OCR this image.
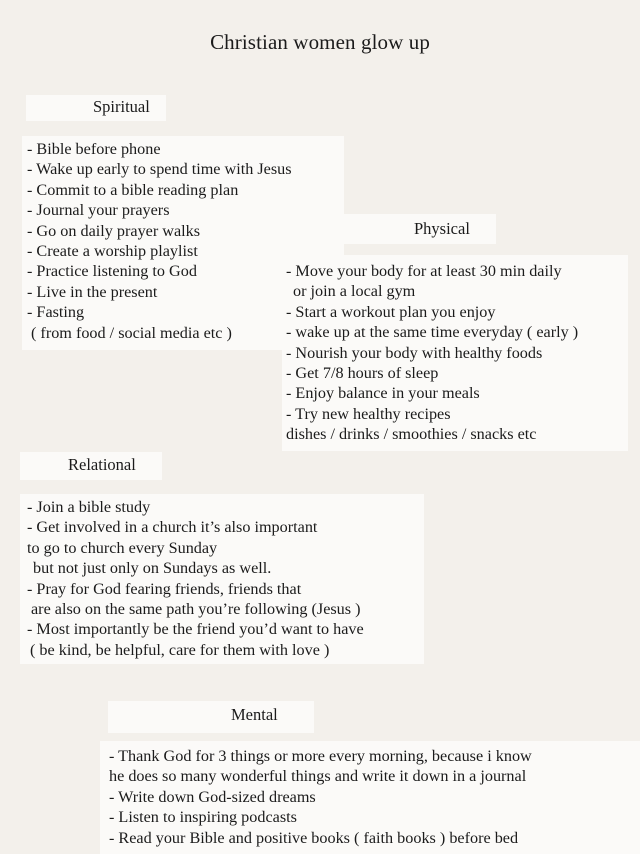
Christian women glow up
Spiritual
- Bible before phone
- Wake up early to spend time with Jesus
- Commit to a bible reading plan
- Journal your prayers
- Go on daily prayer walks
- Create a worship playlist
- Practice listening to God
- Live in the present
- Fasting
( from food / social media etc )
Physical
- Move your body for at least 30 min daily
or join a local gym
- Start a workout plan you enjoy
- wake up at the same time everyday ( early )
- Nourish your body with healthy foods
- Get 7/8 hours of sleep
- Enjoy balance in your meals
- Try new healthy recipes
dishes / drinks / smoothies / snacks etc
Relational
- Join a bible study
- Get involved in a church it’s also important
to go to church every Sunday
but not just only on Sundays as well.
- Pray for God fearing friends, friends that
are also on the same path you’re following (Jesus )
- Most importantly be the friend you’d want to have
( be kind, be helpful, care for them with love )
Mental
- Thank God for 3 things or more every morning, because i know
he does so many wonderful things and write it down in a journal
- Write down God-sized dreams
- Listen to inspiring podcasts
- Read your Bible and positive books ( faith books ) before bed
